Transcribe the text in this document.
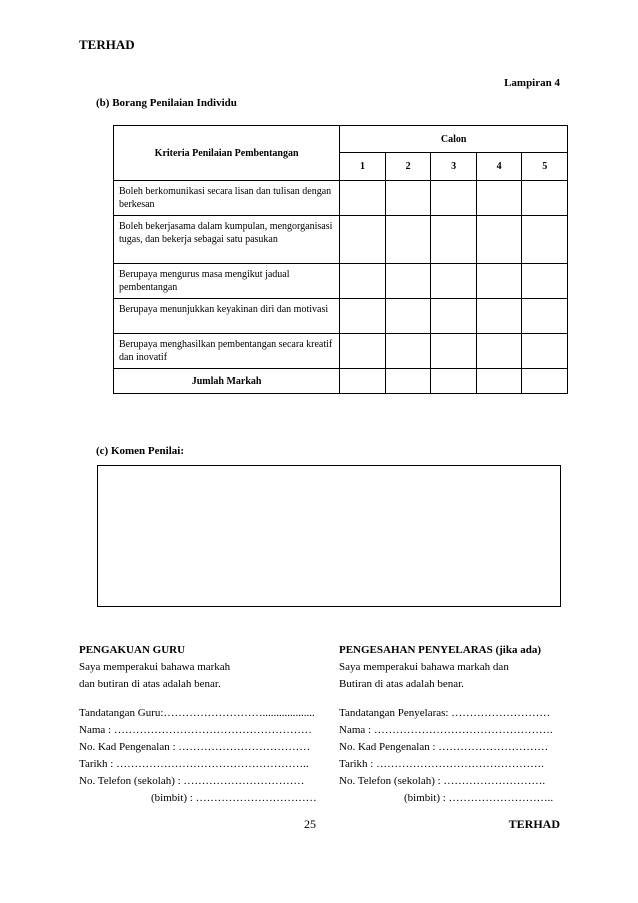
TERHAD
Lampiran 4
(b) Borang Penilaian Individu
Kriteria Penilaian Pembentangan	Calon				
	1	2	3	4	5
Boleh berkomunikasi secara lisan dan tulisan dengan berkesan					
Boleh bekerjasama dalam kumpulan, mengorganisasi tugas, dan bekerja sebagai satu pasukan					
Berupaya mengurus masa mengikut jadual pembentangan					
Berupaya menunjukkan keyakinan diri dan motivasi					
Berupaya menghasilkan pembentangan secara kreatif dan inovatif					
Jumlah Markah					
(c) Komen Penilai:
PENGAKUAN GURU
Saya memperakui bahawa markah
dan butiran di atas adalah benar.
Tandatangan Guru:………………………...................
Nama : ………………………………………………
No. Kad Pengenalan : ………………………………
Tarikh : ……………………………………………..
No. Telefon (sekolah) : ……………………………
(bimbit) : ……………………………
PENGESAHAN PENYELARAS (jika ada)
Saya memperakui bahawa markah dan
Butiran di atas adalah benar.
Tandatangan Penyelaras: ………………………
Nama : ………………………………………….
No. Kad Pengenalan : …………………………
Tarikh : ……………………………………….
No. Telefon (sekolah) : ……………………….
(bimbit) : ………………………..
25	TERHAD
